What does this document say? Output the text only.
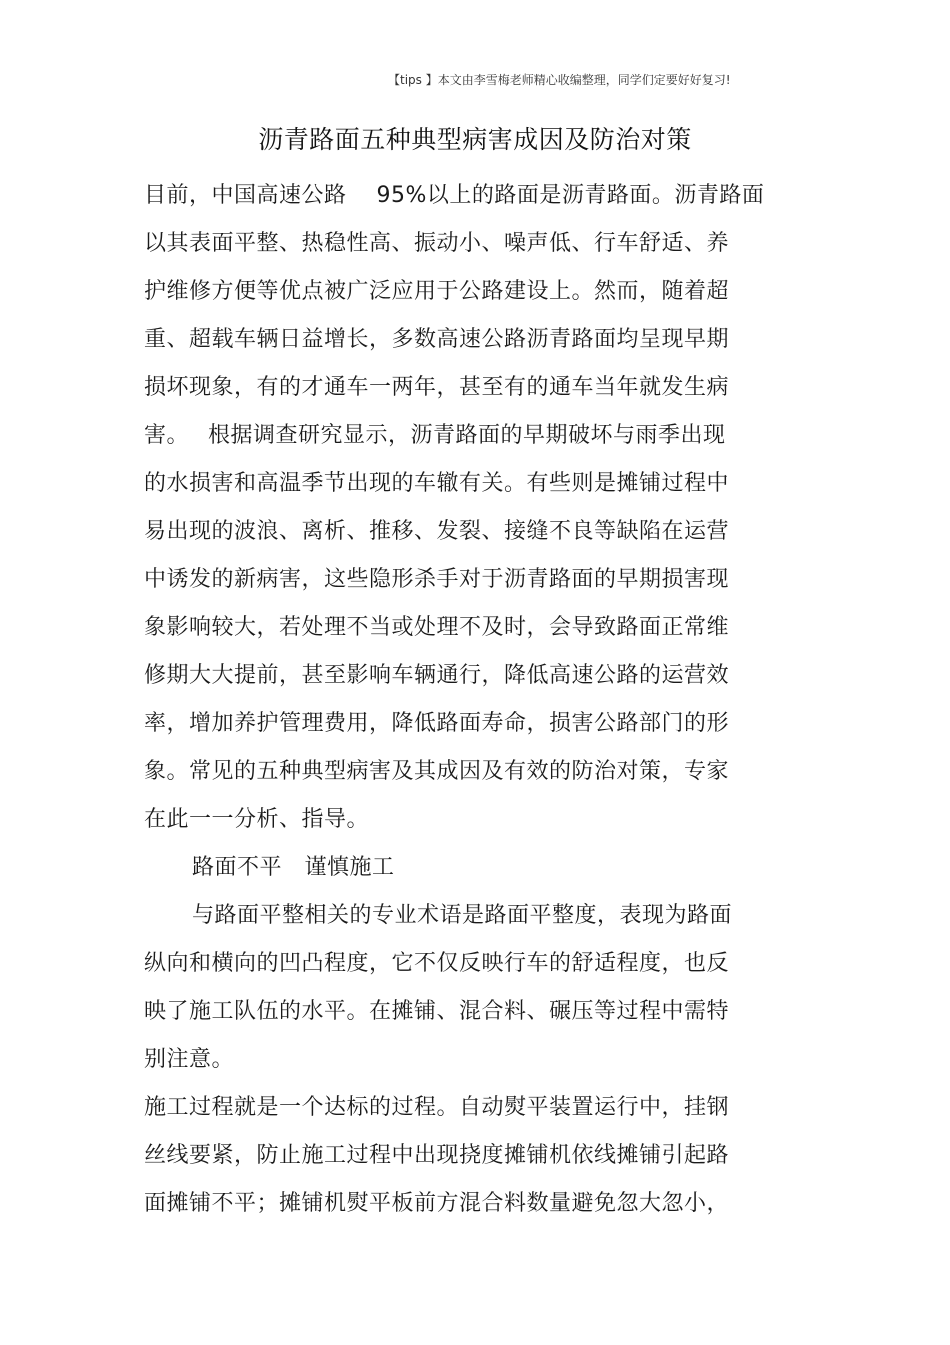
【tips 】本文由李雪梅老师精心收编整理，同学们定要好好复习!
沥青路面五种典型病害成因及防治对策
目前，中国高速公路　 95%以上的路面是沥青路面。沥青路面
以其表面平整、热稳性高、振动小、噪声低、行车舒适、养
护维修方便等优点被广泛应用于公路建设上。然而，随着超
重、超载车辆日益增长，多数高速公路沥青路面均呈现早期
损坏现象，有的才通车一两年，甚至有的通车当年就发生病
害。　 根据调查研究显示，沥青路面的早期破坏与雨季出现
的水损害和高温季节出现的车辙有关。有些则是摊铺过程中
易出现的波浪、离析、推移、发裂、接缝不良等缺陷在运营
中诱发的新病害，这些隐形杀手对于沥青路面的早期损害现
象影响较大，若处理不当或处理不及时，会导致路面正常维
修期大大提前，甚至影响车辆通行，降低高速公路的运营效
率，增加养护管理费用，降低路面寿命，损害公路部门的形
象。常见的五种典型病害及其成因及有效的防治对策，专家
在此一一分析、指导。
路面不平　谨慎施工
与路面平整相关的专业术语是路面平整度，表现为路面
纵向和横向的凹凸程度，它不仅反映行车的舒适程度，也反
映了施工队伍的水平。在摊铺、混合料、碾压等过程中需特
别注意。
施工过程就是一个达标的过程。自动熨平装置运行中，挂钢
丝线要紧，防止施工过程中出现挠度摊铺机依线摊铺引起路
面摊铺不平；摊铺机熨平板前方混合料数量避免忽大忽小，
